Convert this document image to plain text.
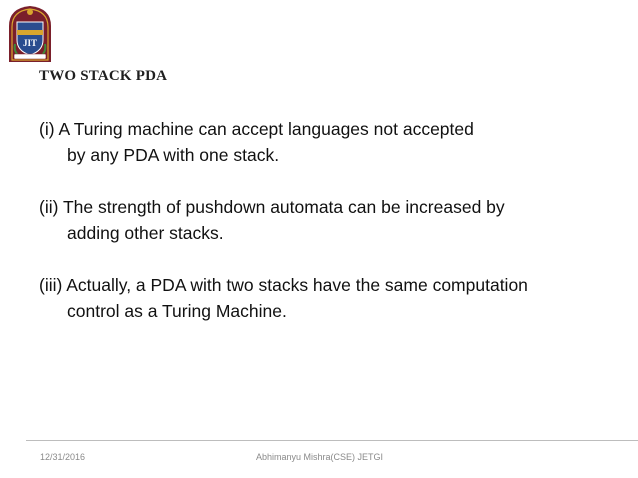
JIT
TWO STACK PDA
(i) A Turing machine can accept languages not accepted
by any PDA with one stack.
(ii) The strength of pushdown automata can be increased by
adding other stacks.
(iii) Actually, a PDA with two stacks have the same computation
control as a Turing Machine.
12/31/2016	Abhimanyu Mishra(CSE) JETGI
